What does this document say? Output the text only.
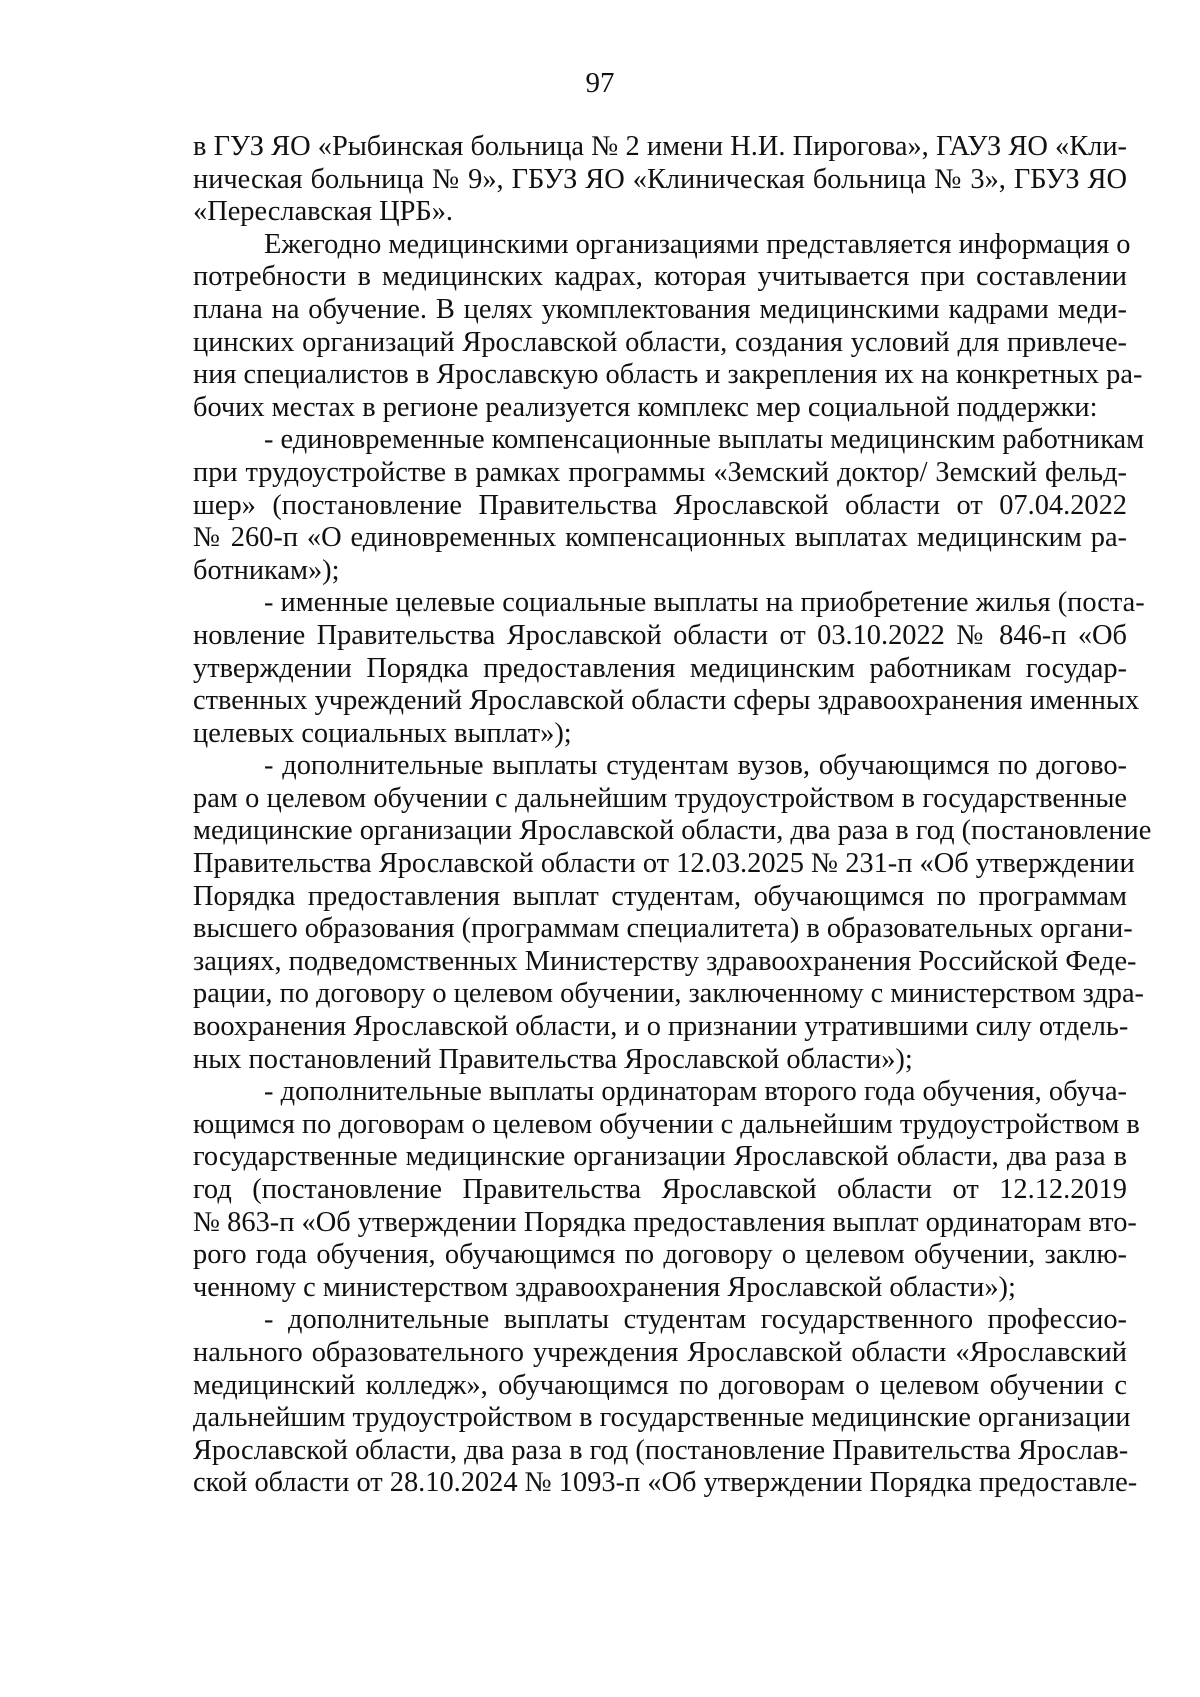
97
в ГУЗ ЯО «Рыбинская больница № 2 имени Н.И. Пирогова», ГАУЗ ЯО «Кли-
ническая больница № 9», ГБУЗ ЯО «Клиническая больница № 3», ГБУЗ ЯО
«Переславская ЦРБ».
Ежегодно медицинскими организациями представляется информация о
потребности в медицинских кадрах, которая учитывается при составлении
плана на обучение. В целях укомплектования медицинскими кадрами меди-
цинских организаций Ярославской области, создания условий для привлече-
ния специалистов в Ярославскую область и закрепления их на конкретных ра-
бочих местах в регионе реализуется комплекс мер социальной поддержки:
- единовременные компенсационные выплаты медицинским работникам
при трудоустройстве в рамках программы «Земский доктор/ Земский фельд-
шер» (постановление Правительства Ярославской области от 07.04.2022
№ 260-п «О единовременных компенсационных выплатах медицинским ра-
ботникам»);
- именные целевые социальные выплаты на приобретение жилья (поста-
новление Правительства Ярославской области от 03.10.2022 № 846-п «Об
утверждении Порядка предоставления медицинским работникам государ-
ственных учреждений Ярославской области сферы здравоохранения именных
целевых социальных выплат»);
- дополнительные выплаты студентам вузов, обучающимся по догово-
рам о целевом обучении с дальнейшим трудоустройством в государственные
медицинские организации Ярославской области, два раза в год (постановление
Правительства Ярославской области от 12.03.2025 № 231-п «Об утверждении
Порядка предоставления выплат студентам, обучающимся по программам
высшего образования (программам специалитета) в образовательных органи-
зациях, подведомственных Министерству здравоохранения Российской Феде-
рации, по договору о целевом обучении, заключенному с министерством здра-
воохранения Ярославской области, и о признании утратившими силу отдель-
ных постановлений Правительства Ярославской области»);
- дополнительные выплаты ординаторам второго года обучения, обуча-
ющимся по договорам о целевом обучении с дальнейшим трудоустройством в
государственные медицинские организации Ярославской области, два раза в
год (постановление Правительства Ярославской области от 12.12.2019
№ 863-п «Об утверждении Порядка предоставления выплат ординаторам вто-
рого года обучения, обучающимся по договору о целевом обучении, заклю-
ченному с министерством здравоохранения Ярославской области»);
- дополнительные выплаты студентам государственного профессио-
нального образовательного учреждения Ярославской области «Ярославский
медицинский колледж», обучающимся по договорам о целевом обучении с
дальнейшим трудоустройством в государственные медицинские организации
Ярославской области, два раза в год (постановление Правительства Ярослав-
ской области от 28.10.2024 № 1093-п «Об утверждении Порядка предоставле-
